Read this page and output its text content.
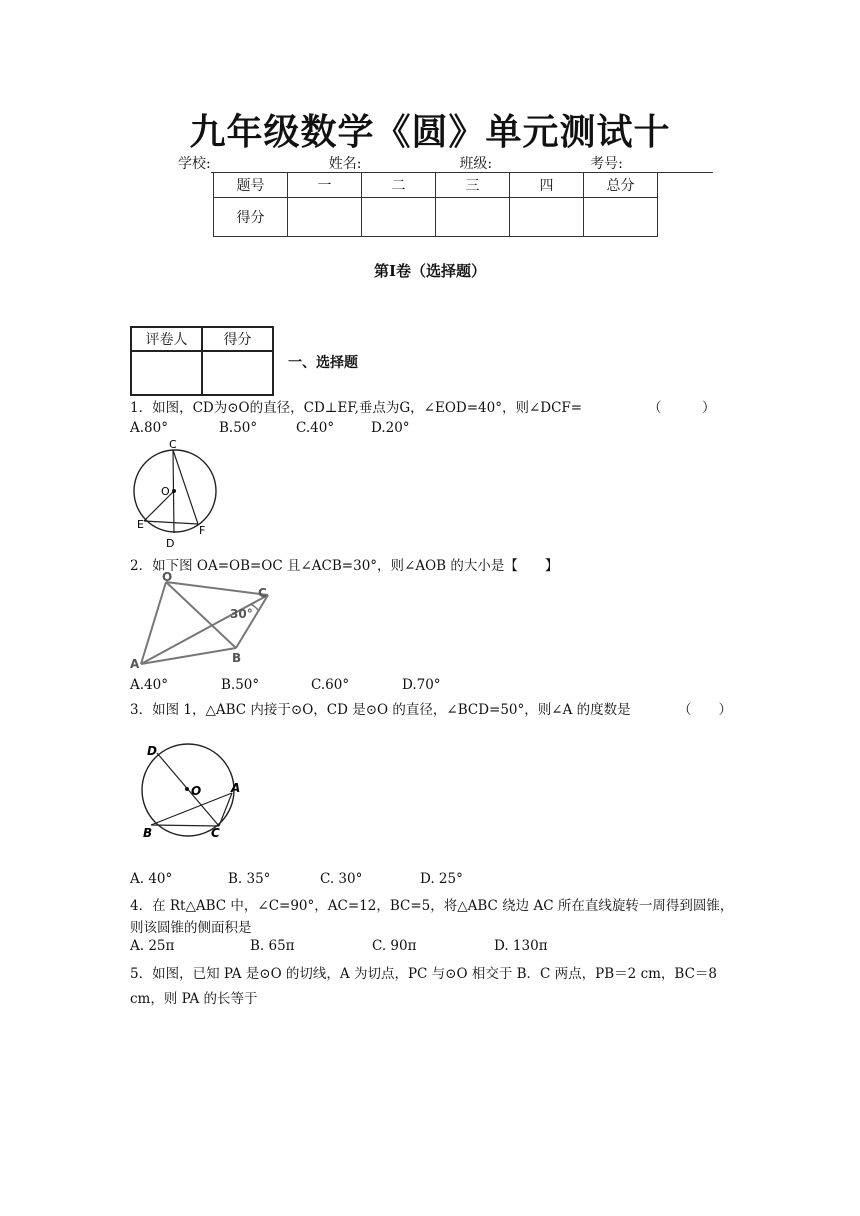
九年级数学《圆》单元测试十
学校:	姓名:	班级:	考号:
题号	一	二	三	四	总分
得分					
第Ⅰ卷（选择题）
评卷人	得分

一、选择题
1．如图，CD为⊙O的直径，CD⊥EF,垂点为G，∠EOD=40°，则∠DCF=	（　　　）
A.80°	B.50°	C.40°	D.20°
C
O
E
D
F
2．如下图 OA=OB=OC 且∠ACB=30°，则∠AOB 的大小是【　　】
O
C
30°
A	B
A.40°	B.50°	C.60°	D.70°
3．如图 1，△ABC 内接于⊙O，CD 是⊙O 的直径，∠BCD=50°，则∠A 的度数是	（　　）
D
O A
B	C
A. 40°	B. 35°	C. 30°	D. 25°
4．在 Rt△ABC 中，∠C=90°，AC=12，BC=5，将△ABC 绕边 AC 所在直线旋转一周得到圆锥，
则该圆锥的侧面积是
A. 25π	B. 65π	C. 90π	D. 130π
5．如图，已知 PA 是⊙O 的切线，A 为切点，PC 与⊙O 相交于 B．C 两点，PB＝2 cm，BC＝8
cm，则 PA 的长等于
